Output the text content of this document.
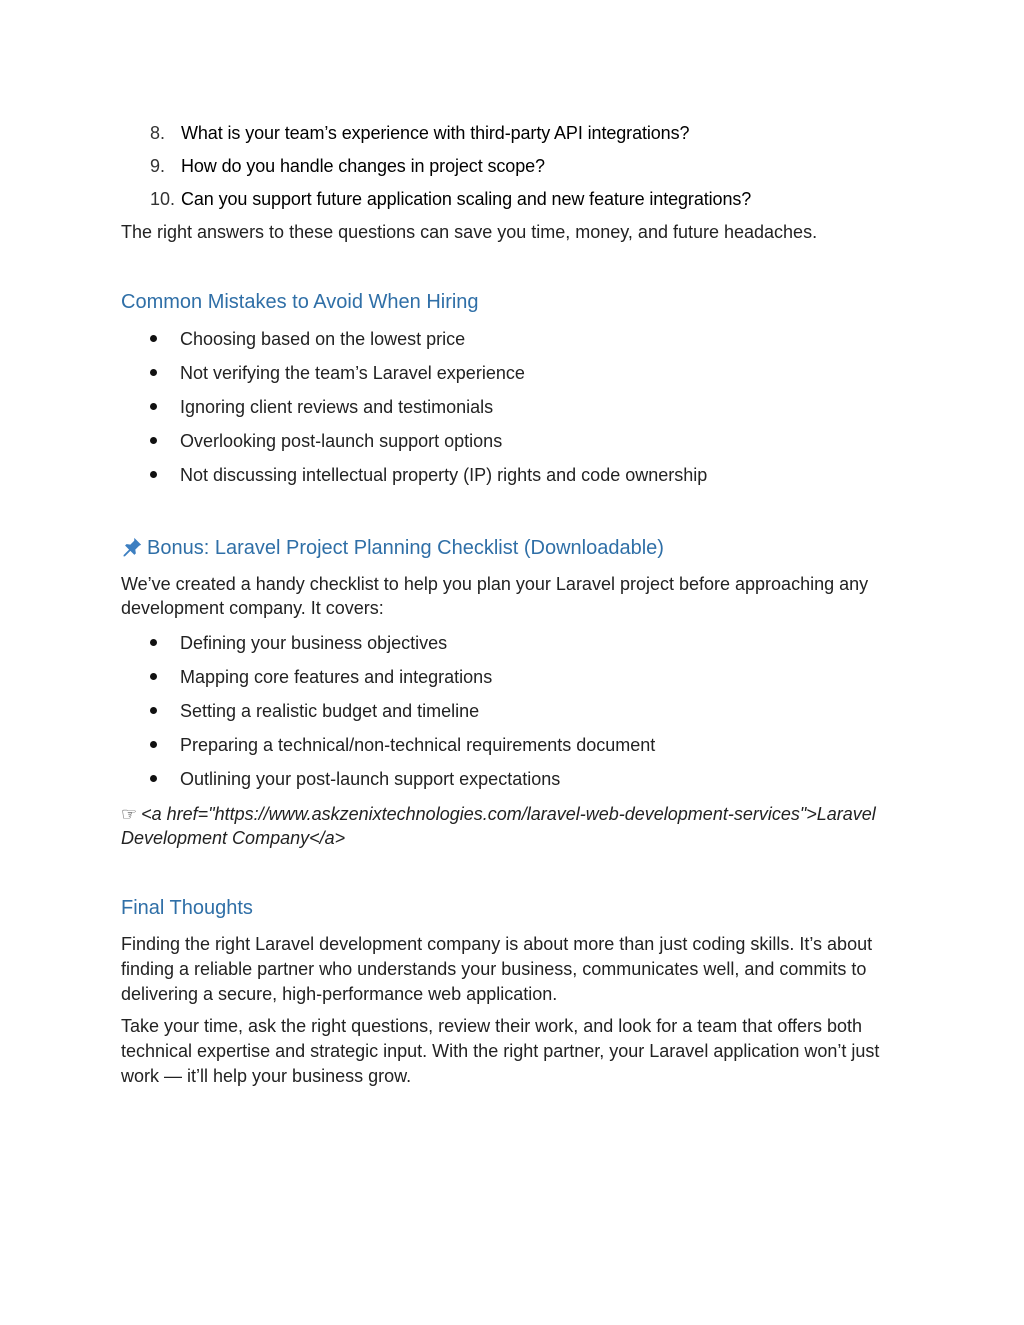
8. What is your team’s experience with third-party API integrations?
9. How do you handle changes in project scope?
10. Can you support future application scaling and new feature integrations?
The right answers to these questions can save you time, money, and future headaches.
Common Mistakes to Avoid When Hiring
Choosing based on the lowest price
Not verifying the team’s Laravel experience
Ignoring client reviews and testimonials
Overlooking post-launch support options
Not discussing intellectual property (IP) rights and code ownership
Bonus: Laravel Project Planning Checklist (Downloadable)
We’ve created a handy checklist to help you plan your Laravel project before approaching any
development company. It covers:
Defining your business objectives
Mapping core features and integrations
Setting a realistic budget and timeline
Preparing a technical/non-technical requirements document
Outlining your post-launch support expectations
☞ <a href="https://www.askzenixtechnologies.com/laravel-web-development-services">Laravel
Development Company</a>
Final Thoughts
Finding the right Laravel development company is about more than just coding skills. It’s about
finding a reliable partner who understands your business, communicates well, and commits to
delivering a secure, high-performance web application.
Take your time, ask the right questions, review their work, and look for a team that offers both
technical expertise and strategic input. With the right partner, your Laravel application won’t just
work — it’ll help your business grow.
